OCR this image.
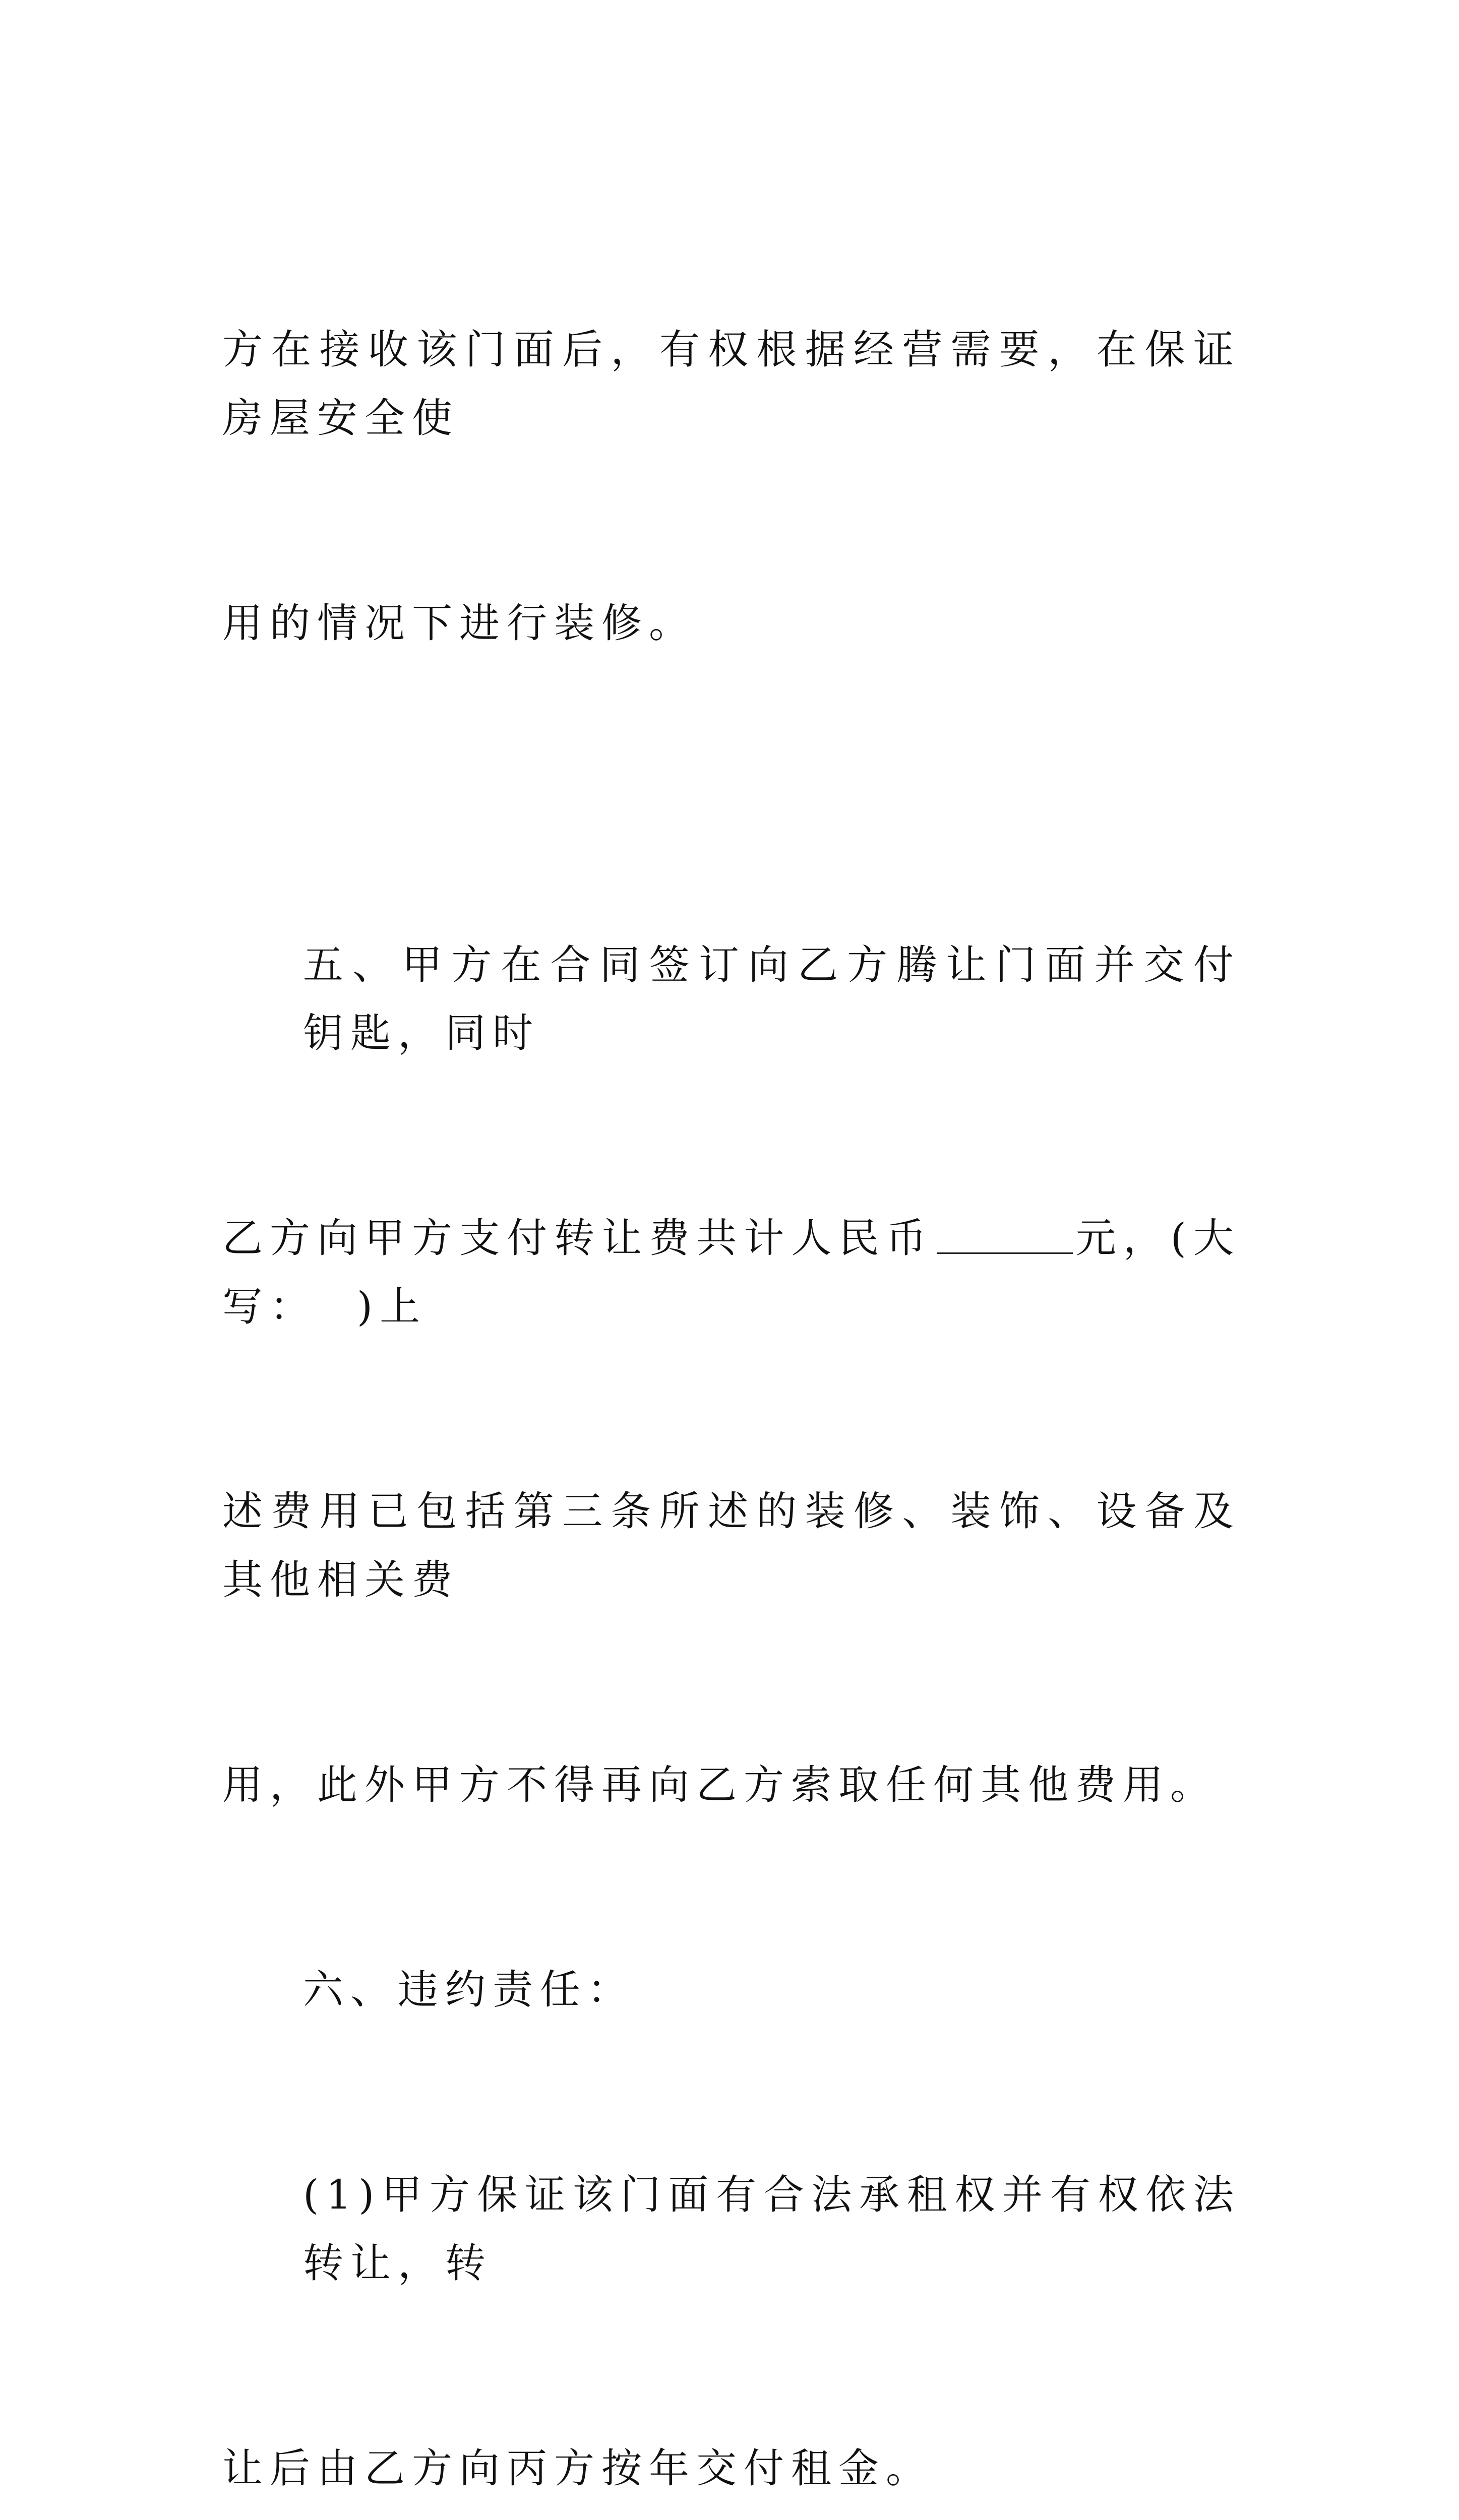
方在接收该门面后，有权根据经营需要，在保证房屋安全使

用的情况下进行装修。

五、甲方在合同签订向乙方腾让门面并交付钥匙，同时

乙方向甲方支付转让费共计人民币	元，(大写：  )上

述费用已包括第三条所述的装修、装饰、设备及其他相关费

用，此外甲方不得再向乙方索取任何其他费用。

六、违约责任：

(1)甲方保证该门面有合法承租权并有权依法转让，转

让后由乙方向丙方按年交付租金。
